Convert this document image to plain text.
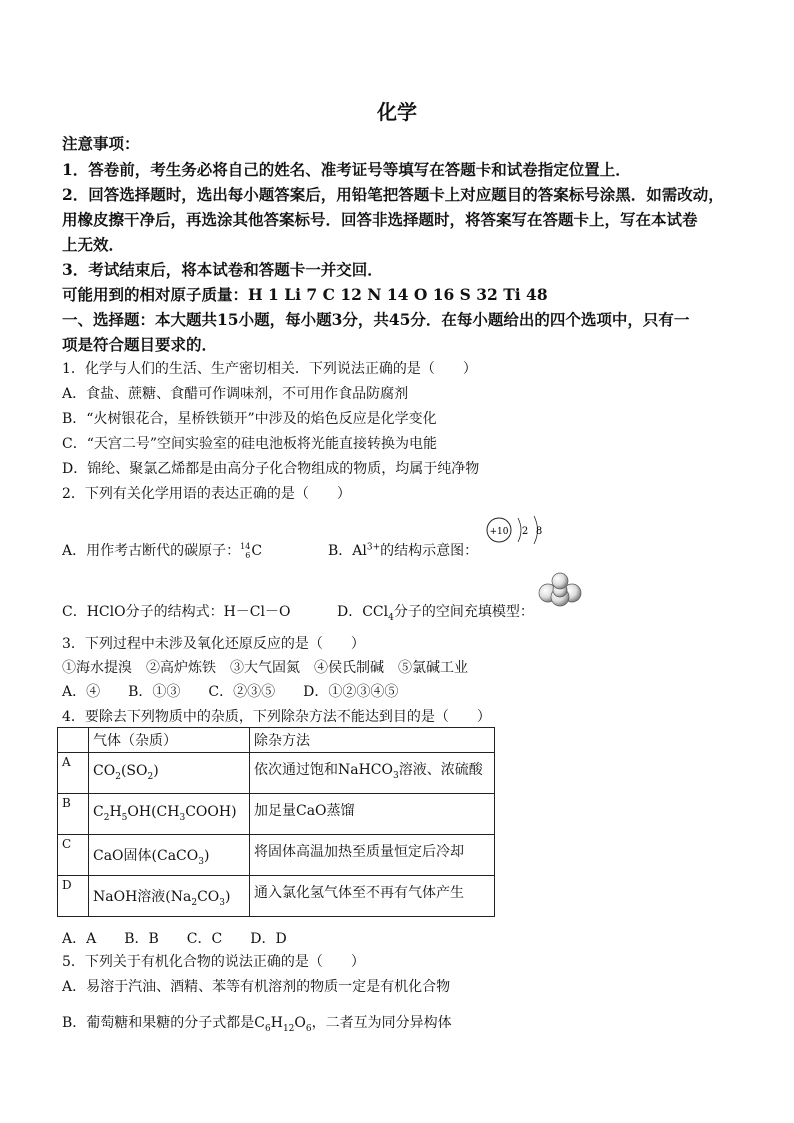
化学
注意事项：
1．答卷前，考生务必将自己的姓名、准考证号等填写在答题卡和试卷指定位置上．
2．回答选择题时，选出每小题答案后，用铅笔把答题卡上对应题目的答案标号涂黑．如需改动，
用橡皮擦干净后，再选涂其他答案标号．回答非选择题时，将答案写在答题卡上，写在本试卷
上无效．
3．考试结束后，将本试卷和答题卡一并交回．
可能用到的相对原子质量：H 1 Li 7 C 12 N 14 O 16 S 32 Ti 48
一、选择题：本大题共15小题，每小题3分，共45分．在每小题给出的四个选项中，只有一
项是符合题目要求的．
1．化学与人们的生活、生产密切相关．下列说法正确的是（　　）
A．食盐、蔗糖、食醋可作调味剂，不可用作食品防腐剂
B．“火树银花合，星桥铁锁开”中涉及的焰色反应是化学变化
C．“天宫二号”空间实验室的硅电池板将光能直接转换为电能
D．锦纶、聚氯乙烯都是由高分子化合物组成的物质，均属于纯净物
2．下列有关化学用语的表达正确的是（　　）
A．用作考古断代的碳原子：14
6C	B．$Al^{3+}$的结构示意图：
+10 2 8
C．HClO分子的结构式：H－Cl－O	D．CCl$_4$分子的空间充填模型：
3．下列过程中未涉及氧化还原反应的是（　　）
①海水提溴　②高炉炼铁　③大气固氮　④侯氏制碱　⑤氯碱工业
A．④　　B．①③　　C．②③⑤　　D．①②③④⑤
4．要除去下列物质中的杂质，下列除杂方法不能达到目的是（　　）
	气体（杂质）	除杂方法
A	$CO_2(SO_2)$	依次通过饱和NaHCO$_3$溶液、浓硫酸
B	$C_2H_5OH(CH_3COOH)$	加足量CaO蒸馏
C	CaO固体(CaCO$_3$)	将固体高温加热至质量恒定后冷却
D	NaOH溶液$(Na_2CO_3)$	通入氯化氢气体至不再有气体产生
A．A　　B．B　　C．C　　D．D
5．下列关于有机化合物的说法正确的是（　　）
A．易溶于汽油、酒精、苯等有机溶剂的物质一定是有机化合物
B．葡萄糖和果糖的分子式都是$C_6H_{12}O_6$，二者互为同分异构体
